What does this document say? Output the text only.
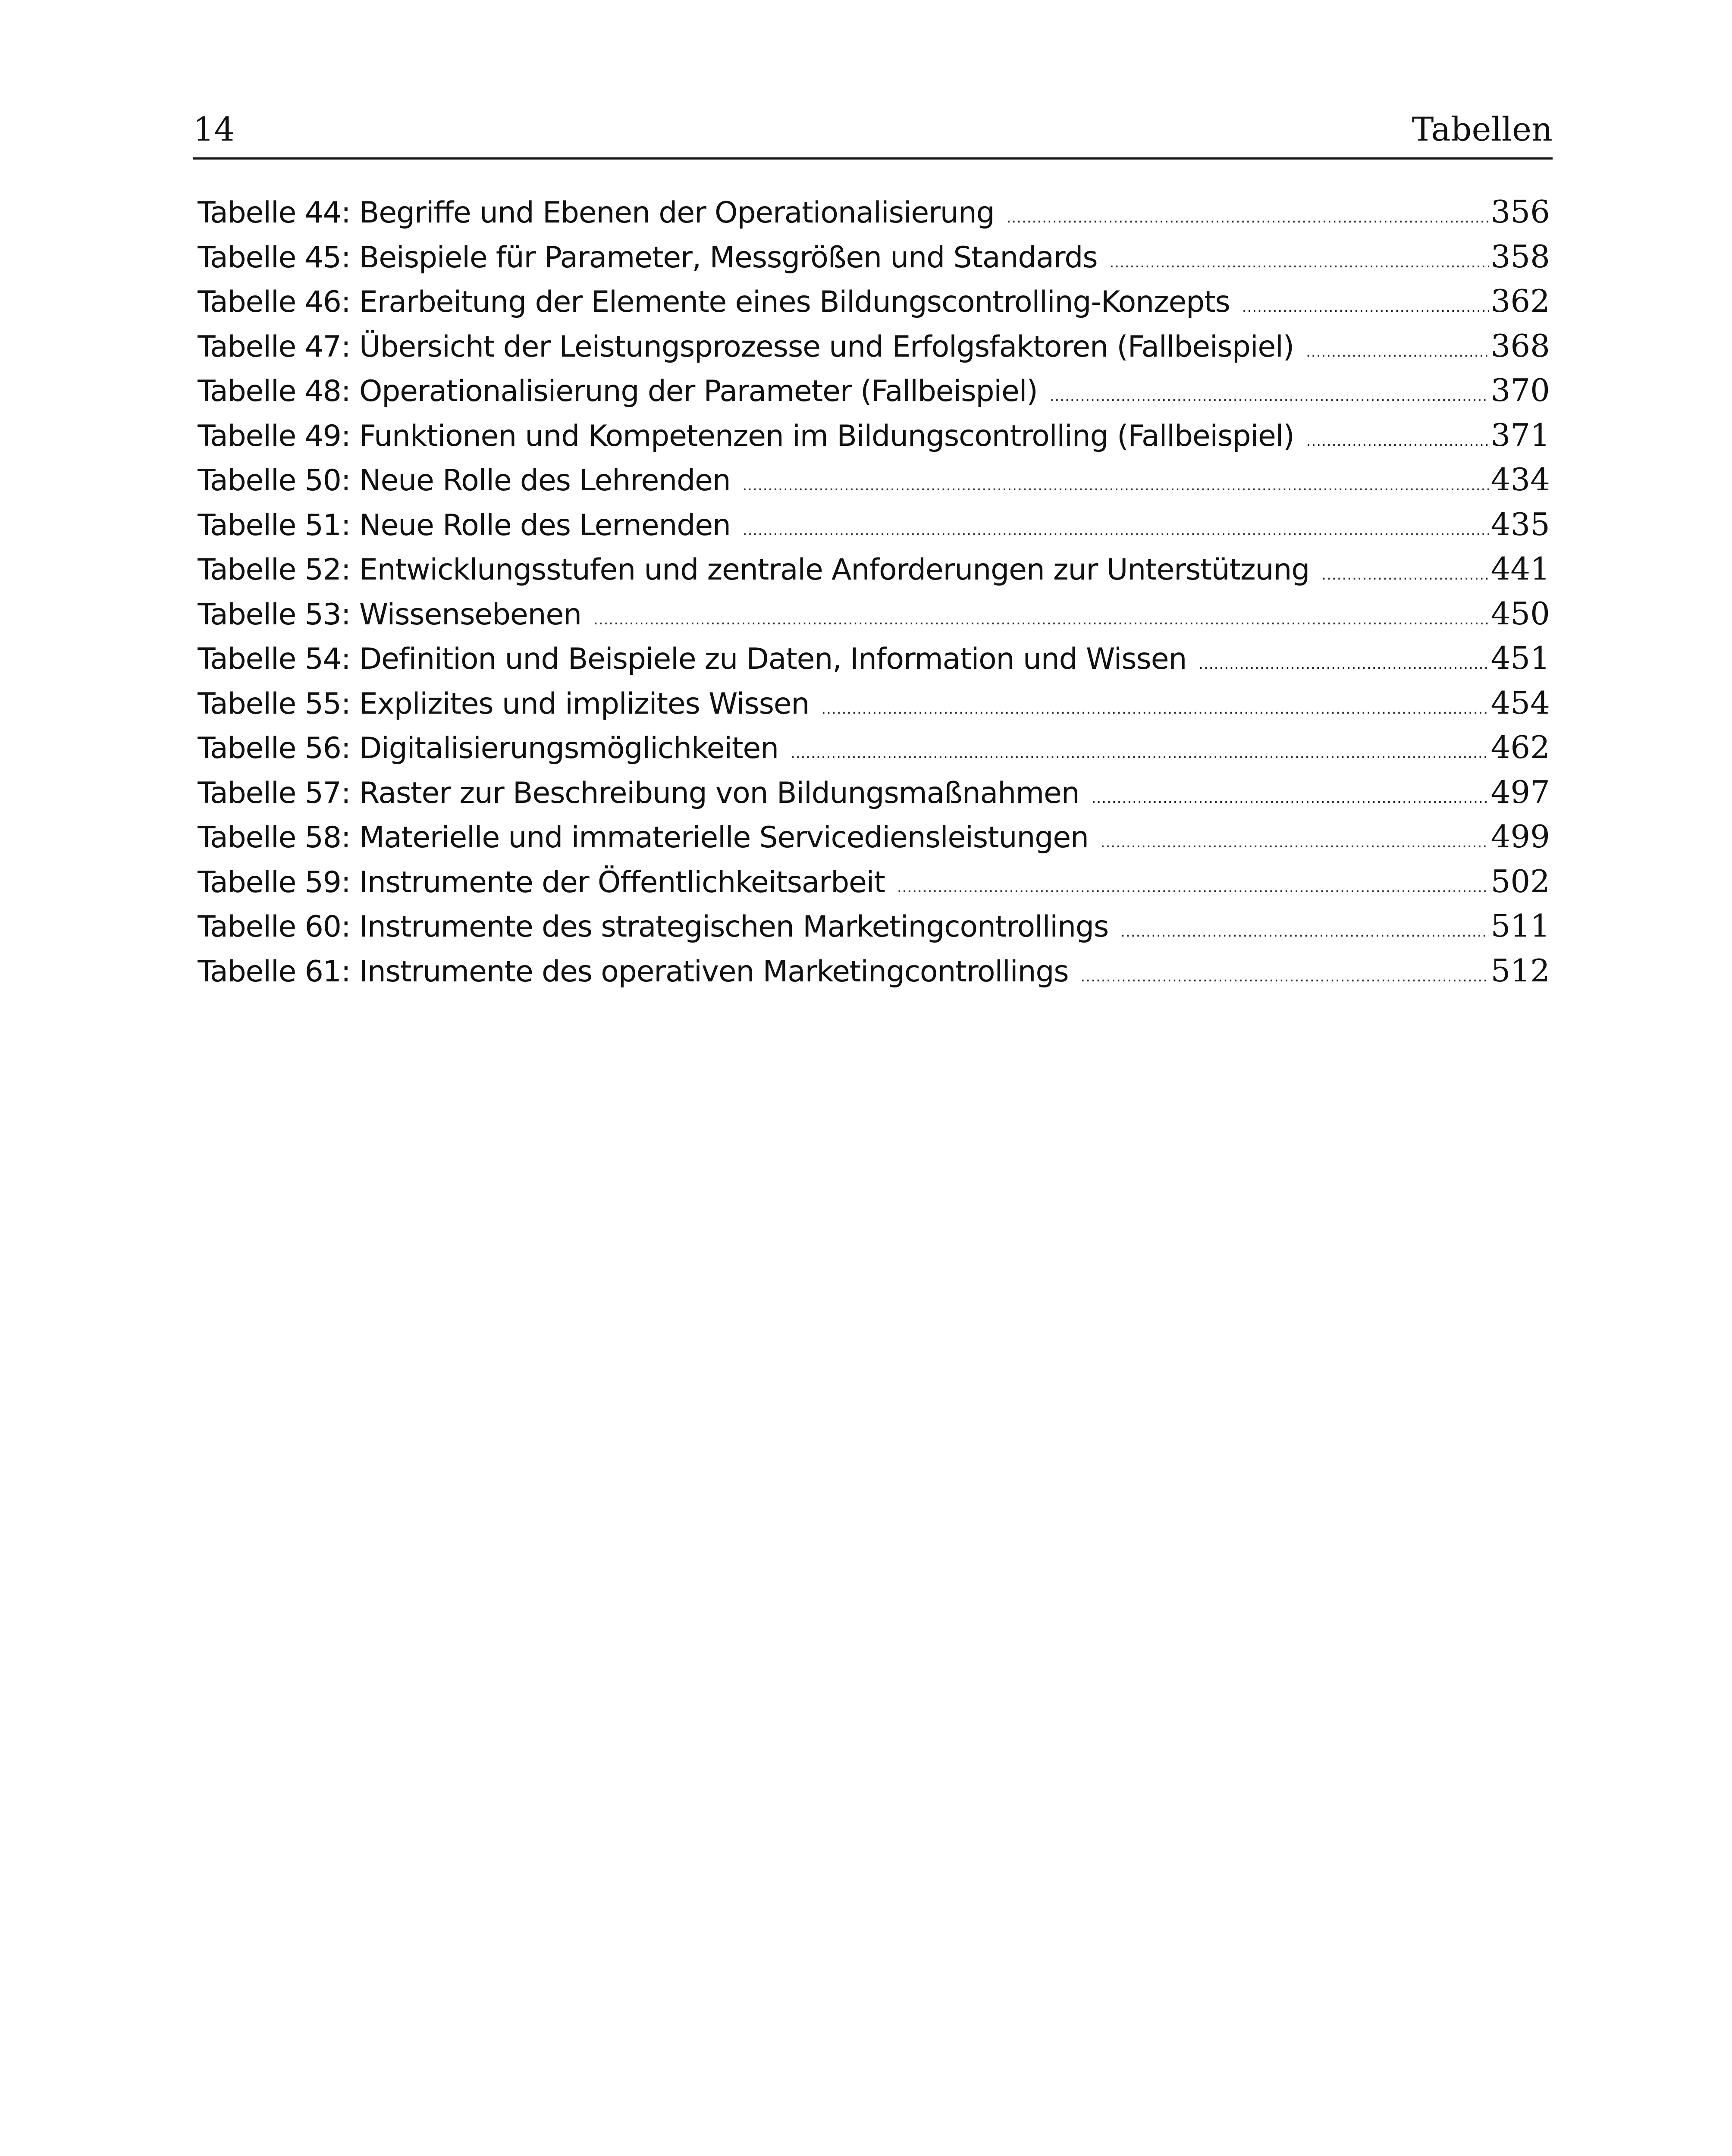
14	Tabellen
Tabelle 44: Begriffe und Ebenen der Operationalisierung .....	356
Tabelle 45: Beispiele für Parameter, Messgrößen und Standards .....	358
Tabelle 46: Erarbeitung der Elemente eines Bildungscontrolling-Konzepts .....	362
Tabelle 47: Übersicht der Leistungsprozesse und Erfolgsfaktoren (Fallbeispiel) .....	368
Tabelle 48: Operationalisierung der Parameter (Fallbeispiel) .....	370
Tabelle 49: Funktionen und Kompetenzen im Bildungscontrolling (Fallbeispiel) .....	371
Tabelle 50: Neue Rolle des Lehrenden .....	434
Tabelle 51: Neue Rolle des Lernenden .....	435
Tabelle 52: Entwicklungsstufen und zentrale Anforderungen zur Unterstützung .....	441
Tabelle 53: Wissensebenen .....	450
Tabelle 54: Definition und Beispiele zu Daten, Information und Wissen .....	451
Tabelle 55: Explizites und implizites Wissen .....	454
Tabelle 56: Digitalisierungsmöglichkeiten .....	462
Tabelle 57: Raster zur Beschreibung von Bildungsmaßnahmen .....	497
Tabelle 58: Materielle und immaterielle Servicediensleistungen .....	499
Tabelle 59: Instrumente der Öffentlichkeitsarbeit .....	502
Tabelle 60: Instrumente des strategischen Marketingcontrollings .....	511
Tabelle 61: Instrumente des operativen Marketingcontrollings .....	512
